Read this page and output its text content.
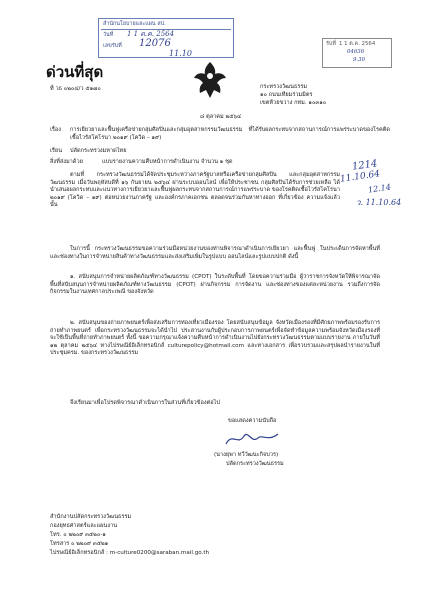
สำนักนโยบายและแผน สป.
วันที่ 1 1 ต.ค. 2564
เลขรับที่ 12076
11.10
รับที่ 1 1 ต.ค. 2564
04636
9.30
ด่วนที่สุด
ที่ วธ ๐๒๐๔/ว ๕๑๗๐	กระทรวงวัฒนธรรม
๑๐ ถนนเทียมร่วมมิตร
เขตห้วยขวาง กทม. ๑๐๓๑๐
๘ ตุลาคม ๒๕๖๔
เรื่อง การเยียวยาและฟื้นฟูเครือข่ายกลุ่มศิลปินและกลุ่มอุตสาหกรรมวัฒนธรรม ที่ได้รับผลกระทบจากสถานการณ์การแพร่ระบาดของโรคติดเชื้อไวรัสโคโรนา ๒๐๑๙ (โควิด – ๑๙)
เรียน ปลัดกระทรวงมหาดไทย
สิ่งที่ส่งมาด้วย	แบบรายงานความคืบหน้าการดำเนินงาน จำนวน ๑ ชุด	1214
11.10.64
12.14
ตามที่ กระทรวงวัฒนธรรมได้จัดประชุมระหว่างภาครัฐบาลหรือเครือข่ายกลุ่มศิลปิน และกลุ่มอุตสาหกรรมวัฒนธรรม เมื่อวันพฤหัสบดีที่ ๑๖ กันยายน ๒๕๖๔ ผ่านระบบออนไลน์ เพื่อให้ประชาชน กลุ่มศิลปินได้รับการช่วยเหลือ ได้นำเสนอผลกระทบและแนวทางการเยียวยาและฟื้นฟูผลกระทบจากสถานการณ์การแพร่ระบาด ของโรคติดเชื้อไวรัสโคโรนา ๒๐๑๙ (โควิด – ๑๙) ต่อหน่วยงานภาครัฐ และองค์กรภาคเอกชน ตลอดจนร่วมกันหาทางออก ที่เกี่ยวข้อง ความแจ้งแล้ว นั้น	ว. 11.10.64
ในการนี้ กระทรวงวัฒนธรรมขอความร่วมมือหน่วยงานของท่านพิจารณาดำเนินการเยียวยา และฟื้นฟู ในประเด็นการจัดหาพื้นที่และช่องทางในการจำหน่ายสินค้าทางวัฒนธรรมและส่งเสริมเพิ่มในรูปแบบ ออนไลน์และรูปแบบปกติ ดังนี้
๑. สนับสนุนการจำหน่ายผลิตภัณฑ์ทางวัฒนธรรม (CPOT) ในระดับพื้นที่ โดยขอความร่วมมือ ผู้ว่าราชการจังหวัดให้พิจารณาจัดพื้นที่สนับสนุนการจำหน่ายผลิตภัณฑ์ทางวัฒนธรรม (CPOT) ผ่านกิจกรรม การจัดงาน และช่องทางของแต่ละหน่วยงาน รวมถึงการจัดกิจกรรมในงานเทศกาลประเพณี ของจังหวัด
๒. สนับสนุนของถ่ายภาพยนตร์เพื่อส่งเสริมการท่องเที่ยวเมืองรอง โดยสนับสนุนข้อมูล จังหวัดเมืองรองที่มีศักยภาพพร้อมรองรับการถ่ายทำภาพยนตร์ เพื่อกระทรวงวัฒนธรรมจะได้นำไป ประสานงานกับผู้ประกอบการภาพยนตร์เพื่อจัดทำข้อมูลความพร้อมจังหวัดเมืองรองที่จะใช้เป็นพื้นที่ถ่ายทำภาพยนตร์ ทั้งนี้ ขอความกรุณาแจ้งความคืบหน้าการดำเนินงานไปยังกระทรวงวัฒนธรรมตามแบบรายงาน ภายในวันที่ ๑๒ ตุลาคม ๒๕๖๔ ทางไปรษณีย์อิเล็กทรอนิกส์ culturepolicy@hotmail.com และทางเอกสาร เพื่อรวบรวมและสรุปผลนำรายงานในที่ประชุมครม. ของกระทรวงวัฒนธรรม
จึงเรียนมาเพื่อโปรดพิจารณาดำเนินการในส่วนที่เกี่ยวข้องต่อไป
ขอแสดงความนับถือ
(นางยุพา ทวีวัฒนะกิจบวร)
ปลัดกระทรวงวัฒนธรรม
สำนักงานปลัดกระทรวงวัฒนธรรม
กองยุทธศาสตร์และแผนงาน
โทร. ๐ ๒๒๐๙ ๓๕๒๐-๑
โทรสาร ๐ ๒๒๐๙ ๓๕๒๑
ไปรษณีย์อิเล็กทรอนิกส์ : m-culture0200@saraban.mail.go.th
